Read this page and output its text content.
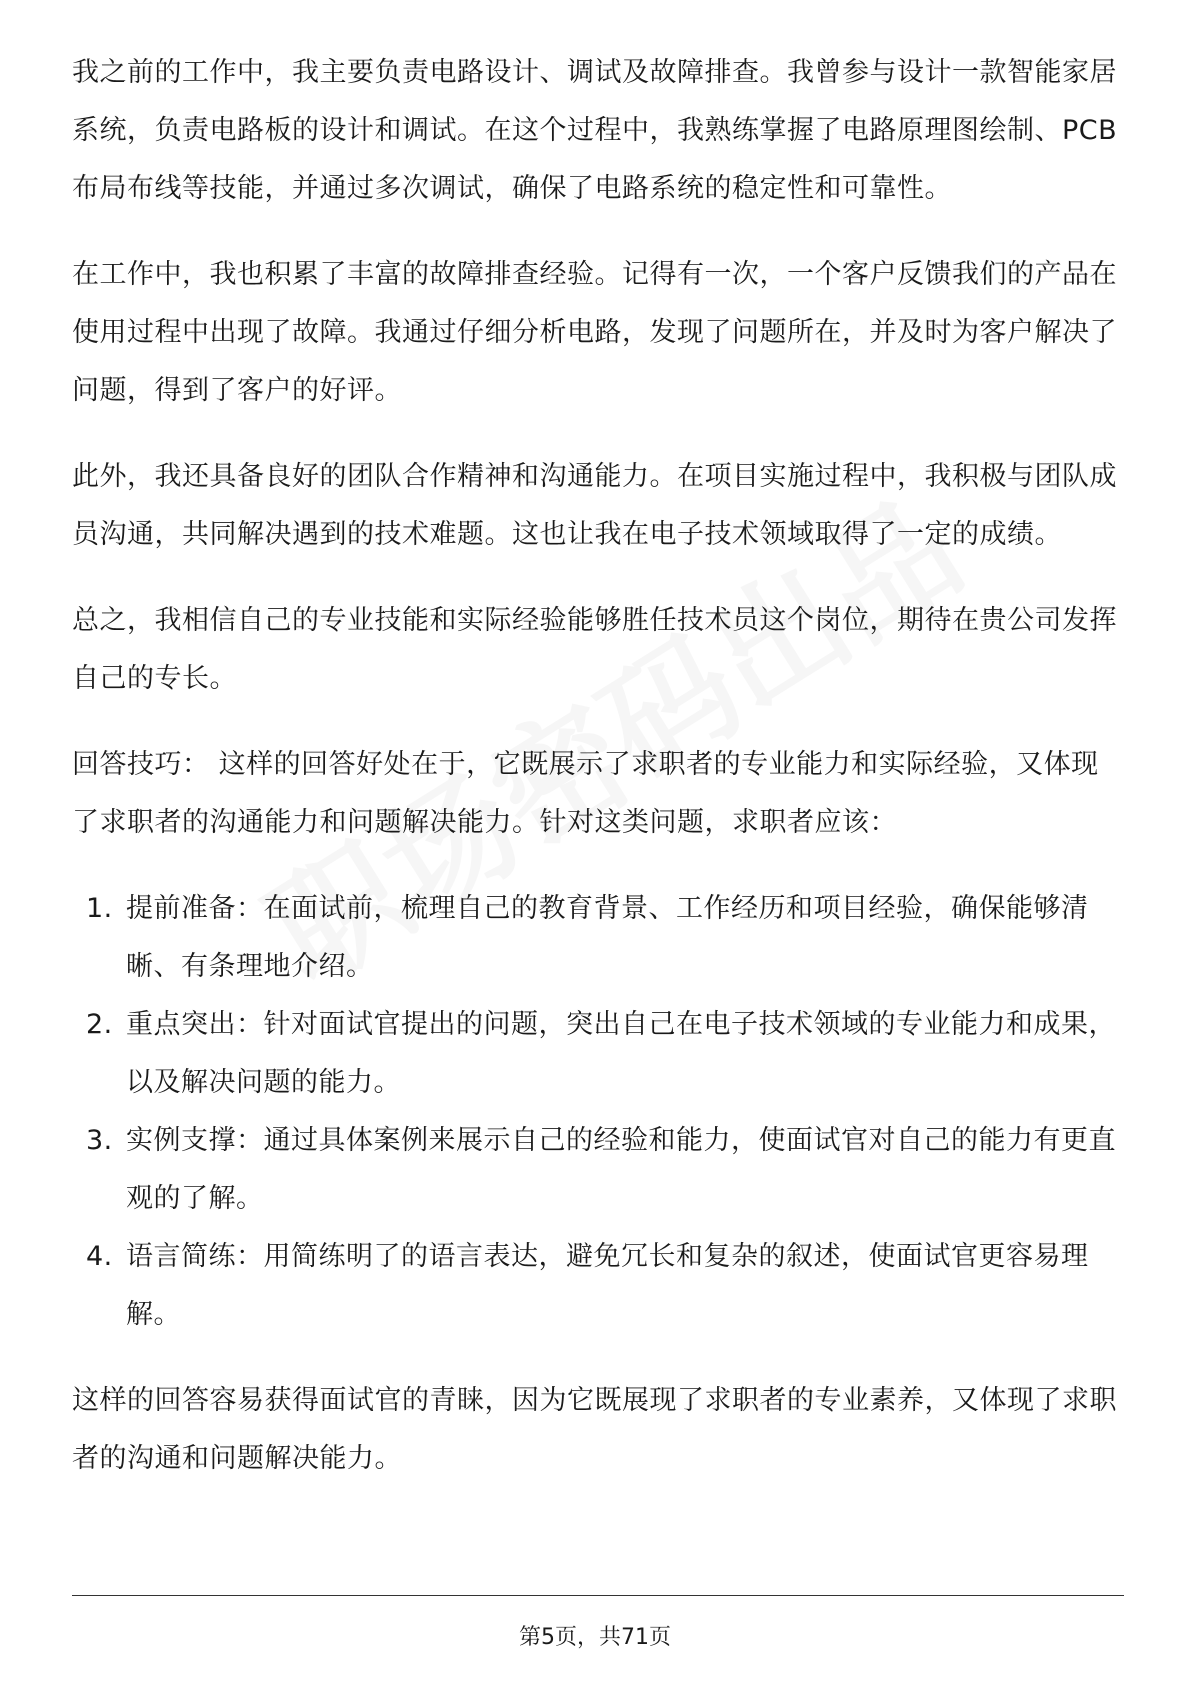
我之前的工作中，我主要负责电路设计、调试及故障排查。我曾参与设计一款智能家居系统，负责电路板的设计和调试。在这个过程中，我熟练掌握了电路原理图绘制、PCB布局布线等技能，并通过多次调试，确保了电路系统的稳定性和可靠性。

在工作中，我也积累了丰富的故障排查经验。记得有一次，一个客户反馈我们的产品在使用过程中出现了故障。我通过仔细分析电路，发现了问题所在，并及时为客户解决了问题，得到了客户的好评。

此外，我还具备良好的团队合作精神和沟通能力。在项目实施过程中，我积极与团队成员沟通，共同解决遇到的技术难题。这也让我在电子技术领域取得了一定的成绩。

总之，我相信自己的专业技能和实际经验能够胜任技术员这个岗位，期待在贵公司发挥自己的专长。

回答技巧： 这样的回答好处在于，它既展示了求职者的专业能力和实际经验，又体现了求职者的沟通能力和问题解决能力。针对这类问题，求职者应该：

1. 提前准备：在面试前，梳理自己的教育背景、工作经历和项目经验，确保能够清晰、有条理地介绍。
2. 重点突出：针对面试官提出的问题，突出自己在电子技术领域的专业能力和成果，以及解决问题的能力。
3. 实例支撑：通过具体案例来展示自己的经验和能力，使面试官对自己的能力有更直观的了解。
4. 语言简练：用简练明了的语言表达，避免冗长和复杂的叙述，使面试官更容易理解。

这样的回答容易获得面试官的青睐，因为它既展现了求职者的专业素养，又体现了求职者的沟通和问题解决能力。

第5页，共71页
